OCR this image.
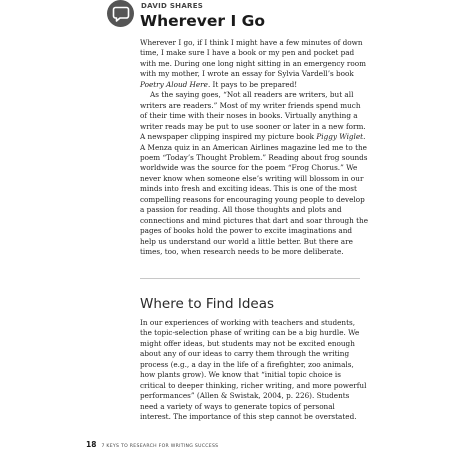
DAVID SHARES
Wherever I Go

Wherever I go, if I think I might have a few minutes of down time, I make sure I have a book or my pen and pocket pad with me. During one long night sitting in an emergency room with my mother, I wrote an essay for Sylvia Vardell’s book Poetry Aloud Here. It pays to be prepared!

As the saying goes, “Not all readers are writers, but all writers are readers.” Most of my writer friends spend much of their time with their noses in books. Virtually anything a writer reads may be put to use sooner or later in a new form. A newspaper clipping inspired my picture book Piggy Wiglet. A Menza quiz in an American Airlines magazine led me to the poem “Today’s Thought Problem.” Reading about frog sounds worldwide was the source for the poem “Frog Chorus.” We never know when someone else’s writing will blossom in our minds into fresh and exciting ideas. This is one of the most compelling reasons for encouraging young people to develop a passion for reading. All those thoughts and plots and connections and mind pictures that dart and soar through the pages of books hold the power to excite imaginations and help us understand our world a little better. But there are times, too, when research needs to be more deliberate.

Where to Find Ideas

In our experiences of working with teachers and students, the topic-selection phase of writing can be a big hurdle. We might offer ideas, but students may not be excited enough about any of our ideas to carry them through the writing process (e.g., a day in the life of a firefighter, zoo animals, how plants grow). We know that “initial topic choice is critical to deeper thinking, richer writing, and more powerful performances” (Allen & Swistak, 2004, p. 226). Students need a variety of ways to generate topics of personal interest. The importance of this step cannot be overstated.

18 7 KEYS TO RESEARCH FOR WRITING SUCCESS
